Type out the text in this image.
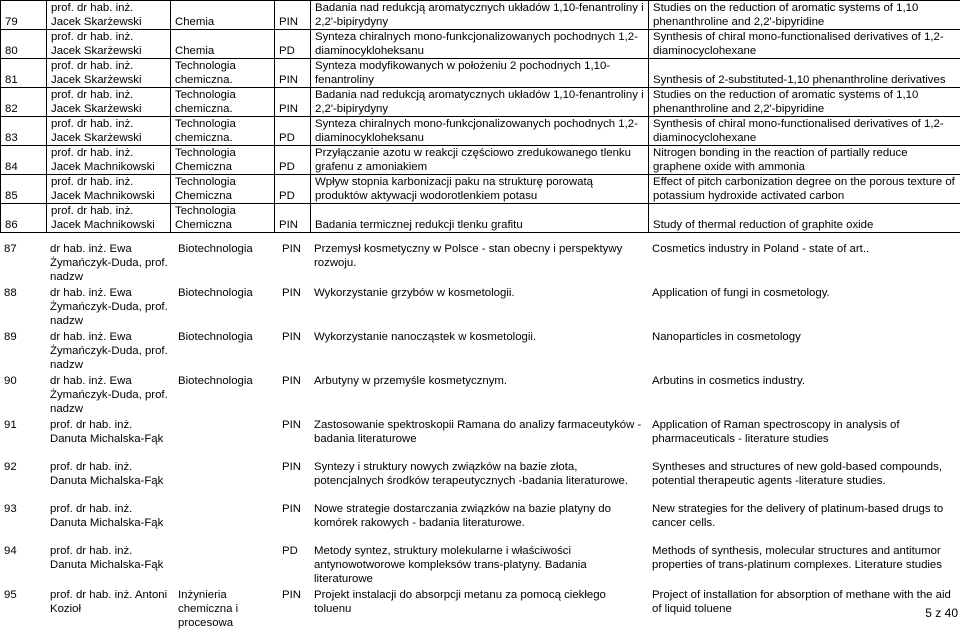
79	prof. dr hab. inż. Jacek Skarżewski	Chemia	PIN	Badania nad redukcją aromatycznych układów 1,10-fenantroliny i 2,2'-bipirydyny	Studies on the reduction of aromatic systems of 1,10 phenanthroline and 2,2'-bipyridine
80	prof. dr hab. inż. Jacek Skarżewski	Chemia	PD	Synteza chiralnych mono-funkcjonalizowanych pochodnych 1,2-diaminocykloheksanu	Synthesis of chiral mono-functionalised derivatives of 1,2-diaminocyclohexane
81	prof. dr hab. inż. Jacek Skarżewski	Technologia chemiczna.	PIN	Synteza modyfikowanych w położeniu 2 pochodnych 1,10-fenantroliny	Synthesis of 2-substituted-1,10 phenanthroline derivatives
82	prof. dr hab. inż. Jacek Skarżewski	Technologia chemiczna.	PIN	Badania nad redukcją aromatycznych układów 1,10-fenantroliny i 2,2'-bipirydyny	Studies on the reduction of aromatic systems of 1,10 phenanthroline and 2,2'-bipyridine
83	prof. dr hab. inż. Jacek Skarżewski	Technologia chemiczna.	PD	Synteza chiralnych mono-funkcjonalizowanych pochodnych 1,2-diaminocykloheksanu	Synthesis of chiral mono-functionalised derivatives of 1,2-diaminocyclohexane
84	prof. dr hab. inż. Jacek Machnikowski	Technologia Chemiczna	PD	Przyłączanie azotu w reakcji częściowo zredukowanego tlenku grafenu z amoniakiem	Nitrogen bonding in the reaction of partially reduce graphene oxide with ammonia
85	prof. dr hab. inż. Jacek Machnikowski	Technologia Chemiczna	PD	Wpływ stopnia karbonizacji paku na strukturę porowatą produktów aktywacji wodorotlenkiem potasu	Effect of pitch carbonization degree on the porous texture of potassium hydroxide activated carbon
86	prof. dr hab. inż. Jacek Machnikowski	Technologia Chemiczna	PIN	Badania termicznej redukcji tlenku grafitu	Study of thermal reduction of graphite oxide
87	dr hab. inż. Ewa Żymańczyk-Duda, prof. nadzw	Biotechnologia	PIN	Przemysł kosmetyczny w Polsce - stan obecny i perspektywy rozwoju.	Cosmetics industry in Poland - state of art..
88	dr hab. inż. Ewa Żymańczyk-Duda, prof. nadzw	Biotechnologia	PIN	Wykorzystanie grzybów w kosmetologii.	Application of fungi in cosmetology.
89	dr hab. inż. Ewa Żymańczyk-Duda, prof. nadzw	Biotechnologia	PIN	Wykorzystanie nanocząstek w kosmetologii.	Nanoparticles in cosmetology
90	dr hab. inż. Ewa Żymańczyk-Duda, prof. nadzw	Biotechnologia	PIN	Arbutyny w przemyśle kosmetycznym.	Arbutins in cosmetics industry.
91	prof. dr hab. inż. Danuta Michalska-Fąk		PIN	Zastosowanie spektroskopii Ramana do analizy farmaceutyków - badania literaturowe	Application of Raman spectroscopy in analysis of pharmaceuticals - literature studies
92	prof. dr hab. inż. Danuta Michalska-Fąk		PIN	Syntezy i struktury nowych związków na bazie złota, potencjalnych środków terapeutycznych -badania literaturowe.	Syntheses and structures of new gold-based compounds, potential therapeutic agents -literature studies.
93	prof. dr hab. inż. Danuta Michalska-Fąk		PIN	Nowe strategie dostarczania związków na bazie platyny do komórek rakowych - badania literaturowe.	New strategies for the delivery of platinum-based drugs to cancer cells.
94	prof. dr hab. inż. Danuta Michalska-Fąk		PD	Metody syntez, struktury molekularne i właściwości antynowotworowe kompleksów trans-platyny. Badania literaturowe	Methods of synthesis, molecular structures and antitumor properties of trans-platinum complexes. Literature studies
95	prof. dr hab. inż. Antoni Kozioł	Inżynieria chemiczna i procesowa	PIN	Projekt instalacji do absorpcji metanu za pomocą ciekłego toluenu	Project of installation for absorption of methane with the aid of liquid toluene	5 z 40
